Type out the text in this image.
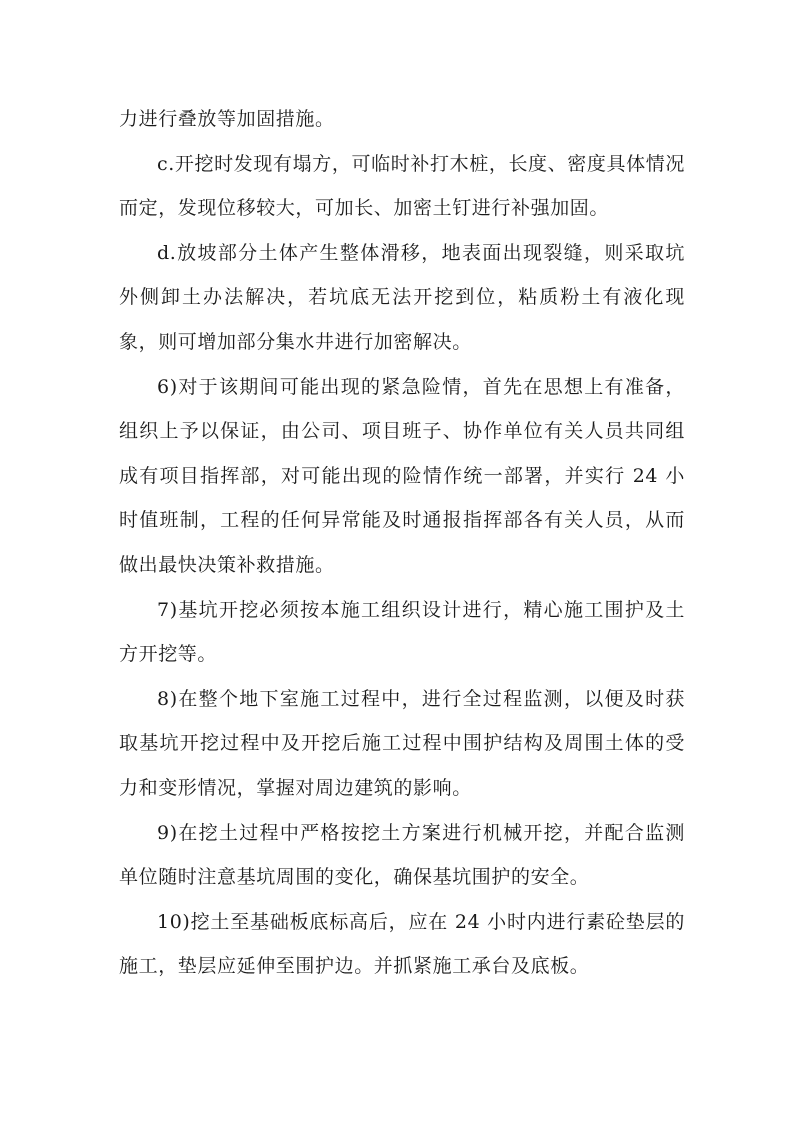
力进行叠放等加固措施。

c.开挖时发现有塌方，可临时补打木桩，长度、密度具体情况而定，发现位移较大，可加长、加密土钉进行补强加固。

d.放坡部分土体产生整体滑移，地表面出现裂缝，则采取坑外侧卸土办法解决，若坑底无法开挖到位，粘质粉土有液化现象，则可增加部分集水井进行加密解决。

6)对于该期间可能出现的紧急险情，首先在思想上有准备，组织上予以保证，由公司、项目班子、协作单位有关人员共同组成有项目指挥部，对可能出现的险情作统一部署，并实行 24 小时值班制，工程的任何异常能及时通报指挥部各有关人员，从而做出最快决策补救措施。

7)基坑开挖必须按本施工组织设计进行，精心施工围护及土方开挖等。

8)在整个地下室施工过程中，进行全过程监测，以便及时获取基坑开挖过程中及开挖后施工过程中围护结构及周围土体的受力和变形情况，掌握对周边建筑的影响。

9)在挖土过程中严格按挖土方案进行机械开挖，并配合监测单位随时注意基坑周围的变化，确保基坑围护的安全。

10)挖土至基础板底标高后，应在 24 小时内进行素砼垫层的施工，垫层应延伸至围护边。并抓紧施工承台及底板。
